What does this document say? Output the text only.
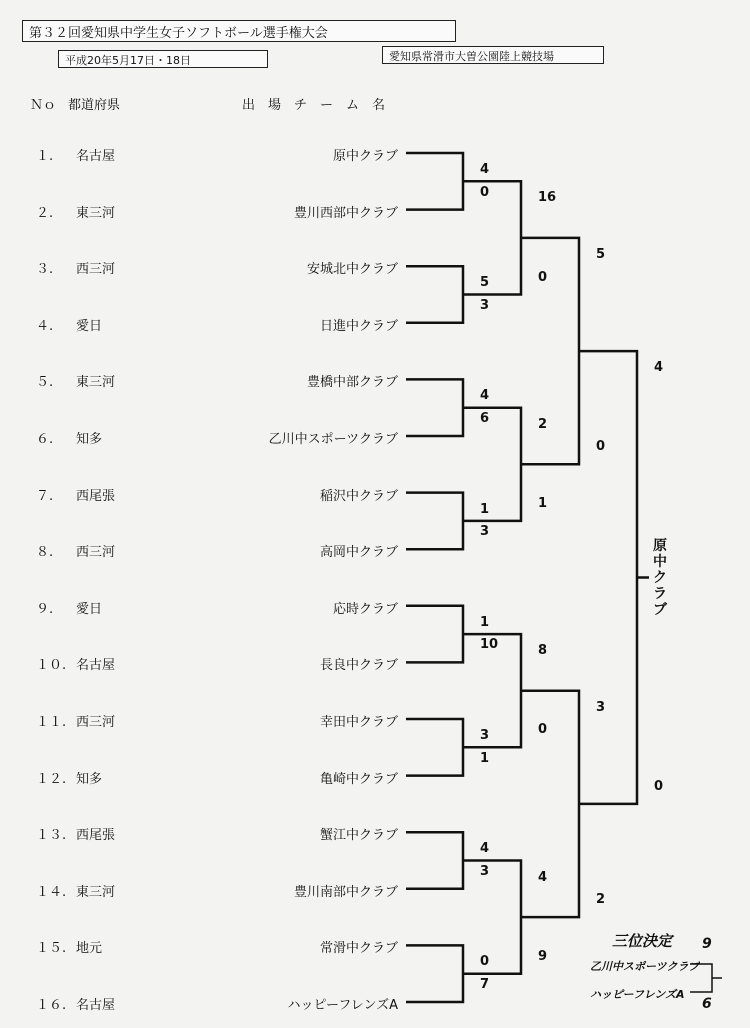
第３２回愛知県中学生女子ソフトボール選手権大会
平成20年5月17日・18日	愛知県常滑市大曽公園陸上競技場
Ｎｏ 都道府県	出　場　チ　ー　ム　名
１.	名古屋	原中クラブ
２.	東三河	豊川西部中クラブ
３.	西三河	安城北中クラブ
４.	愛日	日進中クラブ
５.	東三河	豊橋中部クラブ
６.	知多	乙川中スポーツクラブ
７.	西尾張	稲沢中クラブ
８.	西三河	高岡中クラブ
９.	愛日	応時クラブ
１０. 名古屋	長良中クラブ
１１. 西三河	幸田中クラブ
１２. 知多	亀崎中クラブ
１３. 西尾張	蟹江中クラブ
１４. 東三河	豊川南部中クラブ
１５. 地元	常滑中クラブ
１６. 名古屋	ハッピーフレンズA
4
0
5
3
4
6
1
3
1
10
3
1
4
3
0
7
16
0
2
1
8
0
4
9
5
0
3
2
4
0
原
中
ク
ラ
ブ
三位決定
乙川中スポーツクラブ
ハッピーフレンズA
9
6
